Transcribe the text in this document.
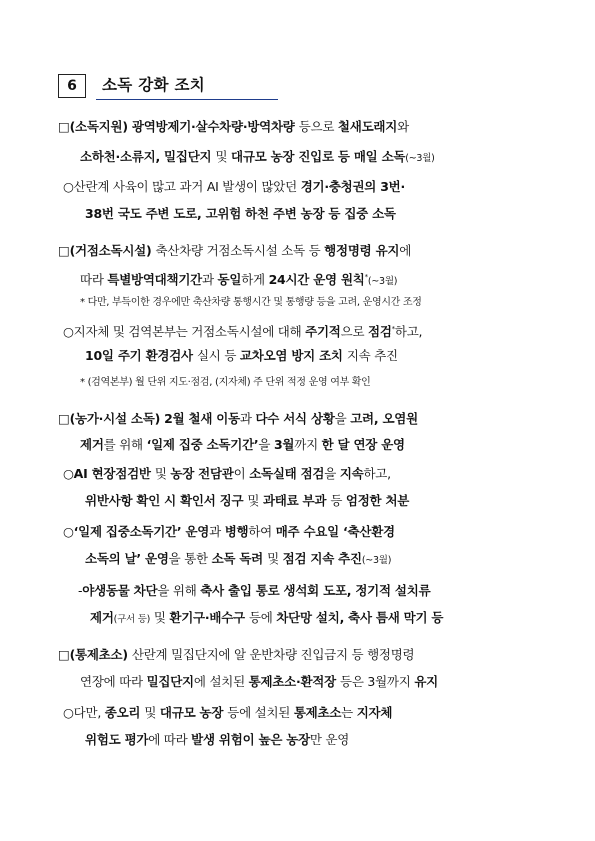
6	소독 강화 조치
□(소독지원) 광역방제기·살수차량·방역차량 등으로 철새도래지와
소하천·소류지, 밀집단지 및 대규모 농장 진입로 등 매일 소독(~3월)
○산란계 사육이 많고 과거 AI 발생이 많았던 경기·충청권의 3번·
38번 국도 주변 도로, 고위험 하천 주변 농장 등 집중 소독
□(거점소독시설) 축산차량 거점소독시설 소독 등 행정명령 유지에
따라 특별방역대책기간과 동일하게 24시간 운영 원칙*(~3월)
* 다만, 부득이한 경우에만 축산차량 통행시간 및 통행량 등을 고려, 운영시간 조정
○지자체 및 검역본부는 거점소독시설에 대해 주기적으로 점검*하고,
10일 주기 환경검사 실시 등 교차오염 방지 조치 지속 추진
* (검역본부) 월 단위 지도·점검, (지자체) 주 단위 적정 운영 여부 확인
□(농가·시설 소독) 2월 철새 이동과 다수 서식 상황을 고려, 오염원
제거를 위해 ‘일제 집중 소독기간’을 3월까지 한 달 연장 운영
○AI 현장점검반 및 농장 전담관이 소독실태 점검을 지속하고,
위반사항 확인 시 확인서 징구 및 과태료 부과 등 엄정한 처분
○‘일제 집중소독기간’ 운영과 병행하여 매주 수요일 ‘축산환경
소독의 날’ 운영을 통한 소독 독려 및 점검 지속 추진(~3월)
-야생동물 차단을 위해 축사 출입 통로 생석회 도포, 정기적 설치류
제거(구서 등) 및 환기구·배수구 등에 차단망 설치, 축사 틈새 막기 등
□(통제초소) 산란계 밀집단지에 알 운반차량 진입금지 등 행정명령
연장에 따라 밀집단지에 설치된 통제초소·환적장 등은 3월까지 유지
○다만, 종오리 및 대규모 농장 등에 설치된 통제초소는 지자체
위험도 평가에 따라 발생 위험이 높은 농장만 운영
